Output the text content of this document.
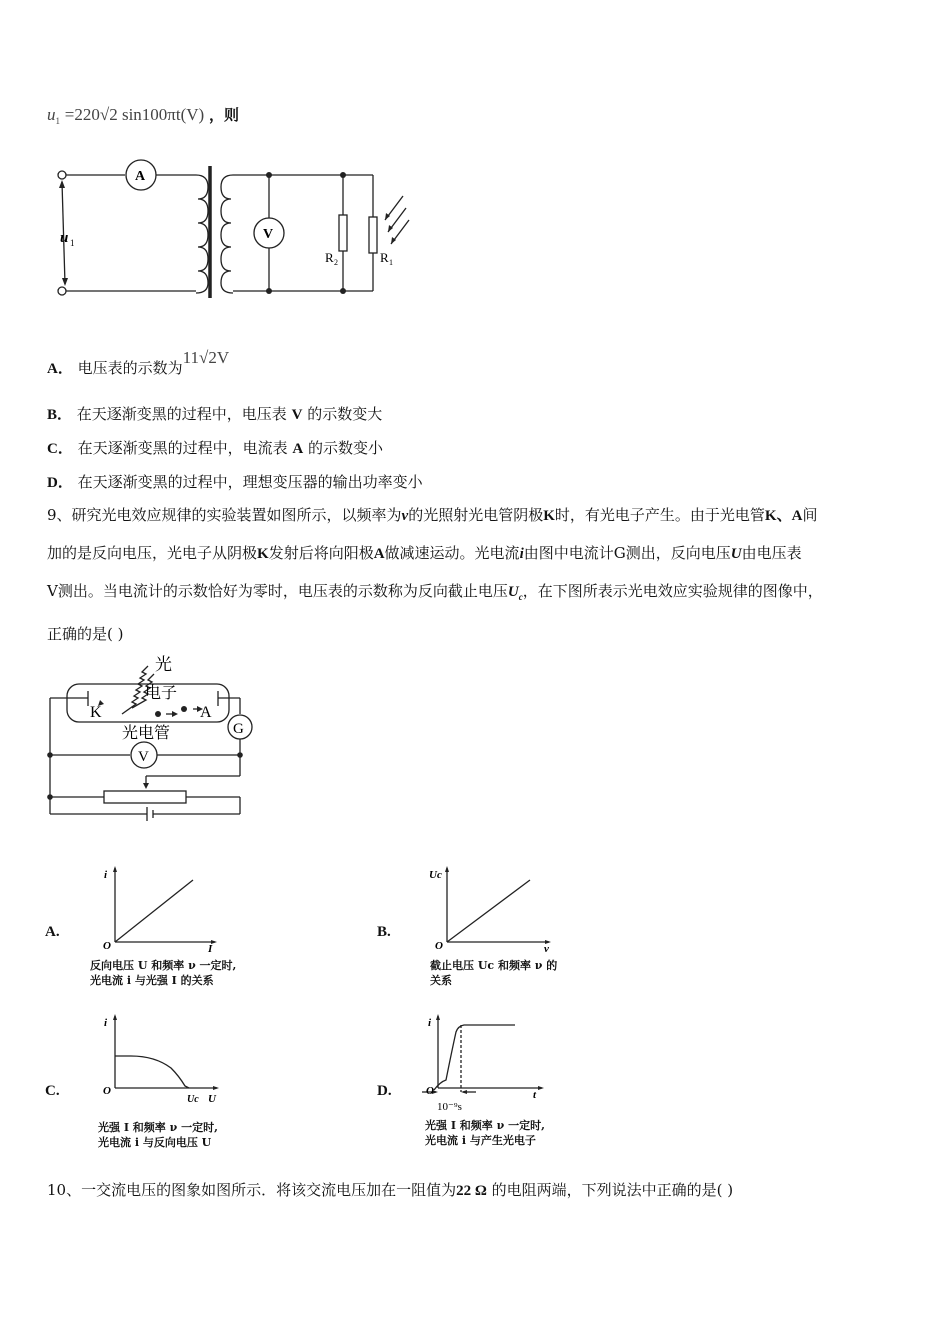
$u_1 =220√2$ sin100πt(V) ，则
A
V
u 1
R 2	R 1
A． 电压表的示数为11√2V
B． 在天逐渐变黑的过程中，电压表 V 的示数变大
C． 在天逐渐变黑的过程中，电流表 A 的示数变小
D． 在天逐渐变黑的过程中，理想变压器的输出功率变小
9、研究光电效应规律的实验装置如图所示，以频率为v的光照射光电管阴极K时，有光电子产生。由于光电管K、A间
加的是反向电压，光电子从阴极K发射后将向阳极A做减速运动。光电流i由图中电流计G测出，反向电压U由电压表
V测出。当电流计的示数恰好为零时，电压表的示数称为反向截止电压$U_c$，在下图所表示光电效应实验规律的图像中，
正确的是( )
光
电子
K	A
光电管	G
V
A.
i
I
O
反向电压 U 和频率 ν 一定时,
光电流 i 与光强 I 的关系
B.
Uc
ν
O
截止电压 Uc 和频率 ν 的
关系
C.
i
U
Uc
O
光强 I 和频率 ν 一定时,
光电流 i 与反向电压 U
D.
i
t
10⁻⁹s
O
光强 I 和频率 ν 一定时,
光电流 i 与产生光电子
10、一交流电压的图象如图所示．将该交流电压加在一阻值为22 Ω 的电阻两端，下列说法中正确的是( )
